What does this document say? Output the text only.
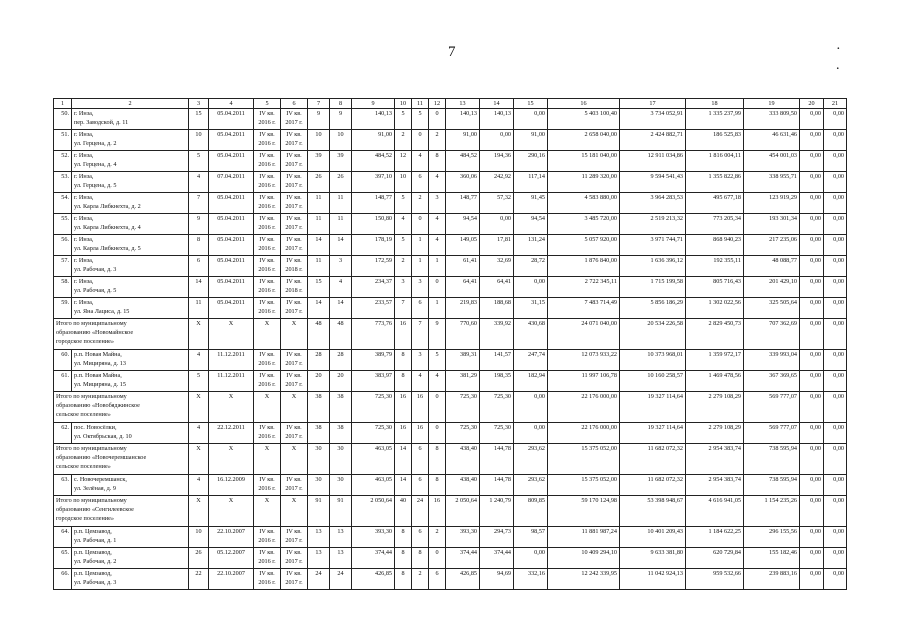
7	· .
1	2	3	4	5	6	7	8	9	10	11	12	13	14	15	16	17	18	19	20	21
50.	г. Инза,
пер. Заводской, д. 11	15	05.04.2011	IV кв.
2016 г.	IV кв.
2017 г.	9	9	140,13	5	5	0	140,13	140,13	0,00	5 403 100,40	3 734 052,91	1 335 237,99	333 809,50	0,00	0,00
51.	г. Инза,
ул. Герцена, д. 2	10	05.04.2011	IV кв.
2016 г.	IV кв.
2017 г.	10	10	91,00	2	0	2	91,00	0,00	91,00	2 658 040,00	2 424 882,71	186 525,83	46 631,46	0,00	0,00
52.	г. Инза,
ул. Герцена, д. 4	5	05.04.2011	IV кв.
2016 г.	IV кв.
2017 г.	39	39	484,52	12	4	8	484,52	194,36	290,16	15 181 040,00	12 911 034,86	1 816 004,11	454 001,03	0,00	0,00
53.	г. Инза,
ул. Герцена, д. 5	4	07.04.2011	IV кв.
2016 г.	IV кв.
2017 г.	26	26	397,10	10	6	4	360,06	242,92	117,14	11 289 320,00	9 594 541,43	1 355 822,86	338 955,71	0,00	0,00
54.	г. Инза,
ул. Карла Либкнехта, д. 2	7	05.04.2011	IV кв.
2016 г.	IV кв.
2017 г.	11	11	148,77	5	2	3	148,77	57,32	91,45	4 583 880,00	3 964 283,53	495 677,18	123 919,29	0,00	0,00
55.	г. Инза,
ул. Карла Либкнехта, д. 4	9	05.04.2011	IV кв.
2016 г.	IV кв.
2017 г.	11	11	150,80	4	0	4	94,54	0,00	94,54	3 485 720,00	2 519 213,32	773 205,34	193 301,34	0,00	0,00
56.	г. Инза,
ул. Карла Либкнехта, д. 5	8	05.04.2011	IV кв.
2016 г.	IV кв.
2017 г.	14	14	178,19	5	1	4	149,05	17,81	131,24	5 057 920,00	3 971 744,71	868 940,23	217 235,06	0,00	0,00
57.	г. Инза,
ул. Рабочая, д. 3	6	05.04.2011	IV кв.
2016 г.	IV кв.
2018 г.	11	3	172,59	2	1	1	61,41	32,69	28,72	1 876 840,00	1 636 396,12	192 355,11	48 088,77	0,00	0,00
58.	г. Инза,
ул. Рабочая, д. 5	14	05.04.2011	IV кв.
2016 г.	IV кв.
2018 г.	15	4	234,37	3	3	0	64,41	64,41	0,00	2 722 345,11	1 715 199,58	805 716,43	201 429,10	0,00	0,00
59.	г. Инза,
ул. Яна Лациса, д. 15	11	05.04.2011	IV кв.
2016 г.	IV кв.
2017 г.	14	14	233,57	7	6	1	219,83	188,68	31,15	7 483 714,49	5 856 186,29	1 302 022,56	325 505,64	0,00	0,00
Итого по муниципальному
образованию «Новомайнское
городское поселение»		X	X	X	X	48	48	773,76	16	7	9	770,60	339,92	430,68	24 071 040,00	20 534 226,58	2 829 450,73	707 362,69	0,00	0,00
60.	р.п. Новая Майна,
ул. Мициряна, д. 13	4	11.12.2011	IV кв.
2016 г.	IV кв.
2017 г.	28	28	389,79	8	3	5	389,31	141,57	247,74	12 073 933,22	10 373 968,01	1 359 972,17	339 993,04	0,00	0,00
61.	р.п. Новая Майна,
ул. Мициряна, д. 15	5	11.12.2011	IV кв.
2016 г.	IV кв.
2017 г.	20	20	383,97	8	4	4	381,29	198,35	182,94	11 997 106,78	10 160 258,57	1 469 478,56	367 369,65	0,00	0,00
Итого по муниципальному
образованию «Новобяджинское
сельское поселение»		X	X	X	X	38	38	725,30	16	16	0	725,30	725,30	0,00	22 176 000,00	19 327 114,64	2 279 108,29	569 777,07	0,00	0,00
62.	пос. Новосёлки,
ул. Октябрьская, д. 10	4	22.12.2011	IV кв.
2016 г.	IV кв.
2017 г.	38	38	725,30	16	16	0	725,30	725,30	0,00	22 176 000,00	19 327 114,64	2 279 108,29	569 777,07	0,00	0,00
Итого по муниципальному
образованию «Новочеремшанское
сельское поселение»		X	X	X	X	30	30	463,05	14	6	8	438,40	144,78	293,62	15 375 052,00	11 682 072,32	2 954 383,74	738 595,94	0,00	0,00
63.	с. Новочеремшанск,
ул. Зелёная, д. 9	4	16.12.2009	IV кв.
2016 г.	IV кв.
2017 г.	30	30	463,05	14	6	8	438,40	144,78	293,62	15 375 052,00	11 682 072,32	2 954 383,74	738 595,94	0,00	0,00
Итого по муниципальному
образованию «Cенгилеевское
городское поселение»		X	X	X	X	91	91	2 050,64	40	24	16	2 050,64	1 240,79	809,85	59 170 124,98	53 398 948,67	4 616 941,05	1 154 235,26	0,00	0,00
64.	р.п. Цемзавод,
ул. Рабочая, д. 1	10	22.10.2007	IV кв.
2016 г.	IV кв.
2017 г.	13	13	393,30	8	6	2	393,30	294,73	98,57	11 881 987,24	10 401 209,43	1 184 622,25	296 155,56	0,00	0,00
65.	р.п. Цемзавод,
ул. Рабочая, д. 2	26	05.12.2007	IV кв.
2016 г.	IV кв.
2017 г.	13	13	374,44	8	8	0	374,44	374,44	0,00	10 409 294,10	9 633 381,80	620 729,84	155 182,46	0,00	0,00
66.	р.п. Цемзавод,
ул. Рабочая, д. 3	22	22.10.2007	IV кв.
2016 г.	IV кв.
2017 г.	24	24	426,85	8	2	6	426,85	94,69	332,16	12 242 339,95	11 042 924,13	959 532,66	239 883,16	0,00	0,00
